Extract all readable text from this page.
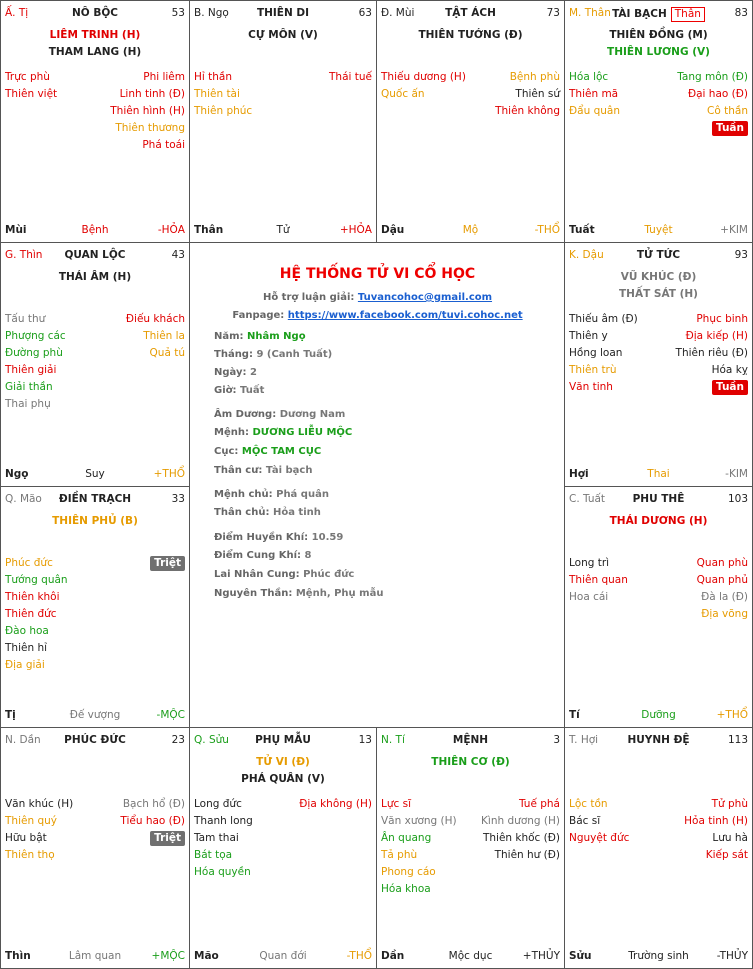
HỆ THỐNG TỬ VI CỔ HỌC
Hỗ trợ luận giải: Tuvancohoc@gmail.com
Fanpage: https://www.facebook.com/tuvi.cohoc.net
Năm: Nhâm Ngọ
Tháng: 9 (Canh Tuất)
Ngày: 2
Giờ: Tuất
Âm Dương: Dương Nam
Mệnh: DƯƠNG LIỄU MỘC
Cục: MỘC TAM CỤC
Thân cư: Tài bạch
Mệnh chủ: Phá quân
Thân chủ: Hỏa tinh
Điểm Huyền Khí: 10.59
Điểm Cung Khí: 8
Lai Nhân Cung: Phúc đức
Nguyên Thần: Mệnh, Phụ mẫu
Ấ. Tị	NÔ BỘC	53
LIÊM TRINH (H)
THAM LANG (H)
Trực phù	Phi liêm
Thiên việt	Linh tinh (Đ)
Thiên hình (H)
Thiên thương
Phá toái
Mùi	Bệnh	-HỎA
B. Ngọ	THIÊN DI	63
CỰ MÔN (V)
Hỉ thần	Thái tuế
Thiên tài
Thiên phúc
Thân	Tử	+HỎA
Đ. Mùi	TẬT ÁCH	73
THIÊN TƯỚNG (Đ)
Thiếu dương (H)	Bệnh phù
Quốc ấn	Thiên sứ
Thiên không
Dậu	Mộ	-THỔ
M. Thân TÀI BẠCH Thân	83
THIÊN ĐỒNG (M)
THIÊN LƯƠNG (V)
Hóa lộc	Tang môn (Đ)
Thiên mã	Đại hao (Đ)
Đẩu quân	Cô thần
Tuần
Tuất	Tuyệt	+KIM
G. Thìn	QUAN LỘC	43
THÁI ÂM (H)
Tấu thư	Điếu khách
Phượng các	Thiên la
Đường phù	Quả tú
Thiên giải
Giải thần
Thai phụ
Ngọ	Suy	+THỔ
K. Dậu	TỬ TỨC	93
VŨ KHÚC (Đ)
THẤT SÁT (H)
Thiếu âm (Đ)	Phục binh
Thiên y	Địa kiếp (H)
Hồng loan	Thiên riêu (Đ)
Thiên trù	Hóa kỵ
Văn tinh	Tuần
Hợi	Thai	-KIM
Q. Mão	ĐIỀN TRẠCH	33
THIÊN PHỦ (B)
Phúc đức	Triệt
Tướng quân
Thiên khôi
Thiên đức
Đào hoa
Thiên hỉ
Địa giải
Tị	Đế vượng	-MỘC
C. Tuất	PHU THÊ	103
THÁI DƯƠNG (H)
Long trì	Quan phù
Thiên quan	Quan phủ
Hoa cái	Đà la (Đ)
Địa võng
Tí	Dưỡng	+THỔ
N. Dần	PHÚC ĐỨC	23
Văn khúc (H)	Bạch hổ (Đ)
Thiên quý	Tiểu hao (Đ)
Hữu bật	Triệt
Thiên thọ
Thìn	Lâm quan	+MỘC
Q. Sửu	PHỤ MẪU	13
TỬ VI (Đ)
PHÁ QUÂN (V)
Long đức	Địa không (H)
Thanh long
Tam thai
Bát tọa
Hóa quyền
Mão	Quan đới	-THỔ
N. Tí	MỆNH	3
THIÊN CƠ (Đ)
Lực sĩ	Tuế phá
Văn xương (H) Kình dương (H)
Ân quang	Thiên khốc (Đ)
Tả phù	Thiên hư (Đ)
Phong cáo
Hóa khoa
Dần	Mộc dục	+THỦY
T. Hợi	HUYNH ĐỆ	113
Lộc tồn	Tử phù
Bác sĩ	Hỏa tinh (H)
Nguyệt đức	Lưu hà
Kiếp sát
Sửu	Trường sinh	-THỦY
